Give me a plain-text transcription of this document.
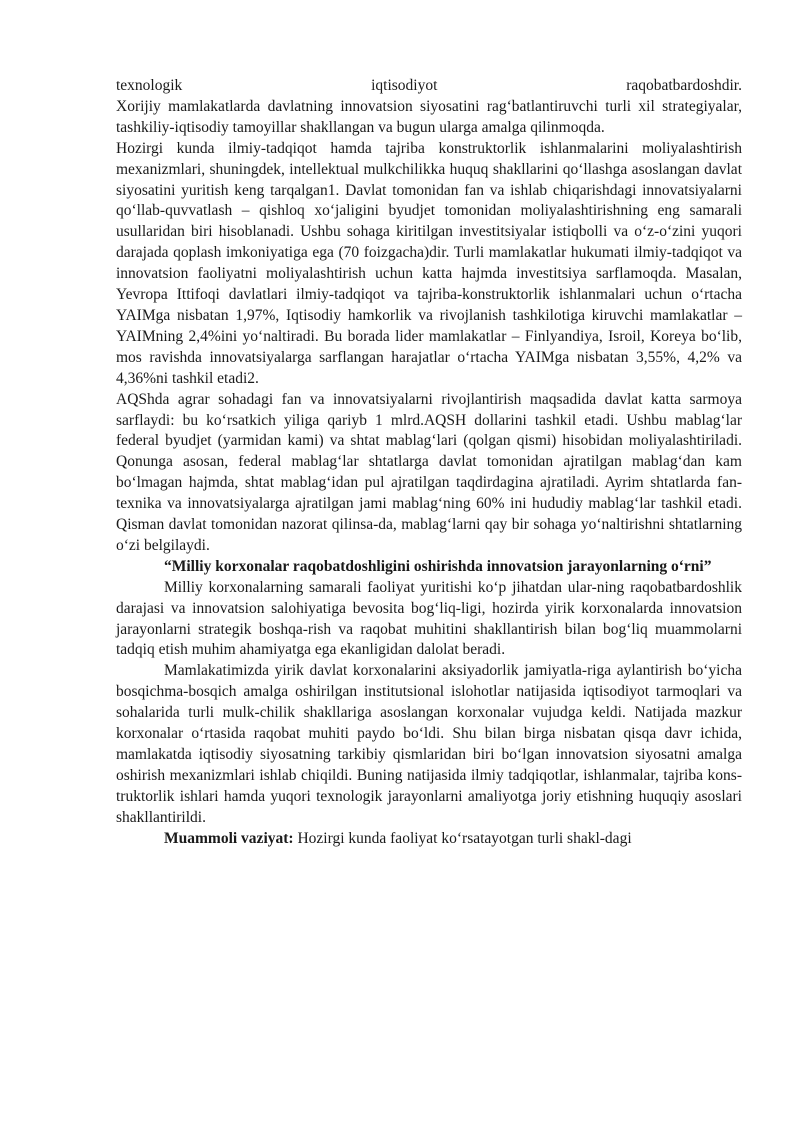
texnologik	iqtisodiyot	raqobatbardoshdir.

Xorijiy mamlakatlarda davlatning innovatsion siyosatini rag‘batlantiruvchi turli xil strategiyalar, tashkiliy-iqtisodiy tamoyillar shakllangan va bugun ularga amalga qilinmoqda.

Hozirgi kunda ilmiy-tadqiqot hamda tajriba konstruktorlik ishlanmalarini moliyalashtirish mexanizmlari, shuningdek, intellektual mulkchilikka huquq shakllarini qo‘llashga asoslangan davlat siyosatini yuritish keng tarqalgan1. Davlat tomonidan fan va ishlab chiqarishdagi innovatsiyalarni qo‘llab-quvvatlash – qishloq xo‘jaligini byudjet tomonidan moliyalashtirishning eng samarali usullaridan biri hisoblanadi. Ushbu sohaga kiritilgan investitsiyalar istiqbolli va o‘z-o‘zini yuqori darajada qoplash imkoniyatiga ega (70 foizgacha)dir. Turli mamlakatlar hukumati ilmiy-tadqiqot va innovatsion faoliyatni moliyalashtirish uchun katta hajmda investitsiya sarflamoqda. Masalan, Yevropa Ittifoqi davlatlari ilmiy-tadqiqot va tajriba-konstruktorlik ishlanmalari uchun o‘rtacha YAIMga nisbatan 1,97%, Iqtisodiy hamkorlik va rivojlanish tashkilotiga kiruvchi mamlakatlar – YAIMning 2,4%ini yo‘naltiradi. Bu borada lider mamlakatlar – Finlyandiya, Isroil, Koreya bo‘lib, mos ravishda innovatsiyalarga sarflangan harajatlar o‘rtacha YAIMga nisbatan 3,55%, 4,2% va 4,36%ni tashkil etadi2.

AQShda agrar sohadagi fan va innovatsiyalarni rivojlantirish maqsadida davlat katta sarmoya sarflaydi: bu ko‘rsatkich yiliga qariyb 1 mlrd.AQSH dollarini tashkil etadi. Ushbu mablag‘lar federal byudjet (yarmidan kami) va shtat mablag‘lari (qolgan qismi) hisobidan moliyalashtiriladi. Qonunga asosan, federal mablag‘lar shtatlarga davlat tomonidan ajratilgan mablag‘dan kam bo‘lmagan hajmda, shtat mablag‘idan pul ajratilgan taqdirdagina ajratiladi. Ayrim shtatlarda fan-texnika va innovatsiyalarga ajratilgan jami mablag‘ning 60% ini hududiy mablag‘lar tashkil etadi. Qisman davlat tomonidan nazorat qilinsa-da, mablag‘larni qay bir sohaga yo‘naltirishni shtatlarning o‘zi belgilaydi.

“Milliy korxonalar raqobatdoshligini oshirishda innovatsion jarayonlarning o‘rni”

Milliy korxonalarning samarali faoliyat yuritishi ko‘p jihatdan ular-ning raqobatbardoshlik darajasi va innovatsion salohiyatiga bevosita bog‘liq-ligi, hozirda yirik korxonalarda innovatsion jarayonlarni strategik boshqa-rish va raqobat muhitini shakllantirish bilan bog‘liq muammolarni tadqiq etish muhim ahamiyatga ega ekanligidan dalolat beradi.

Mamlakatimizda yirik davlat korxonalarini aksiyadorlik jamiyatla-riga aylantirish bo‘yicha bosqichma-bosqich amalga oshirilgan institutsional islohotlar natijasida iqtisodiyot tarmoqlari va sohalarida turli mulk-chilik shakllariga asoslangan korxonalar vujudga keldi. Natijada mazkur korxonalar o‘rtasida raqobat muhiti paydo bo‘ldi. Shu bilan birga nisbatan qisqa davr ichida, mamlakatda iqtisodiy siyosatning tarkibiy qismlaridan biri bo‘lgan innovatsion siyosatni amalga oshirish mexanizmlari ishlab chiqildi. Buning natijasida ilmiy tadqiqotlar, ishlanmalar, tajriba kons-truktorlik ishlari hamda yuqori texnologik jarayonlarni amaliyotga joriy etishning huquqiy asoslari shakllantirildi.

Muammoli vaziyat: Hozirgi kunda faoliyat ko‘rsatayotgan turli shakl-dagi
